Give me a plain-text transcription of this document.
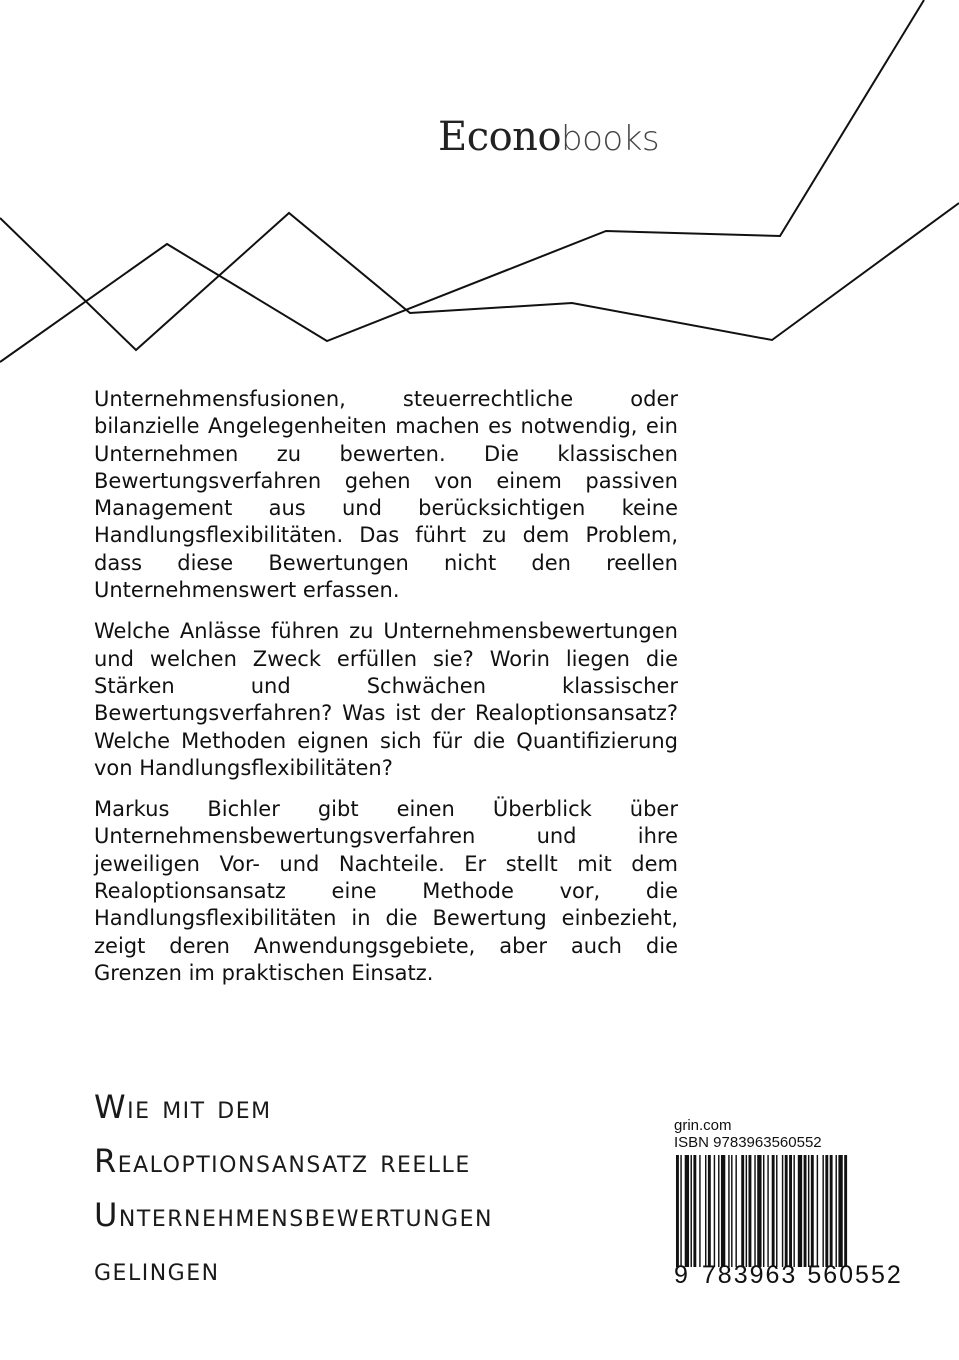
Econobooks

Unternehmensfusionen, steuerrechtliche oder bilanzielle Angelegenheiten machen es notwendig, ein Unternehmen zu bewerten. Die klassischen Bewertungsverfahren gehen von einem passiven Management aus und berücksichtigen keine Handlungsflexibilitäten. Das führt zu dem Problem, dass diese Bewertungen nicht den reellen Unternehmenswert erfassen.

Welche Anlässe führen zu Unternehmensbewertungen und welchen Zweck erfüllen sie? Worin liegen die Stärken und Schwächen klassischer Bewertungsverfahren? Was ist der Realoptionsansatz? Welche Methoden eignen sich für die Quantifizierung von Handlungsflexibilitäten?

Markus Bichler gibt einen Überblick über Unternehmensbewertungsverfahren und ihre jeweiligen Vor- und Nachteile. Er stellt mit dem Realoptionsansatz eine Methode vor, die Handlungsflexibilitäten in die Bewertung einbezieht, zeigt deren Anwendungsgebiete, aber auch die Grenzen im praktischen Einsatz.

Wie mit dem
Realoptionsansatz reelle
Unternehmensbewertungen
gelingen
grin.com
ISBN 9783963560552
9 783963 560552
